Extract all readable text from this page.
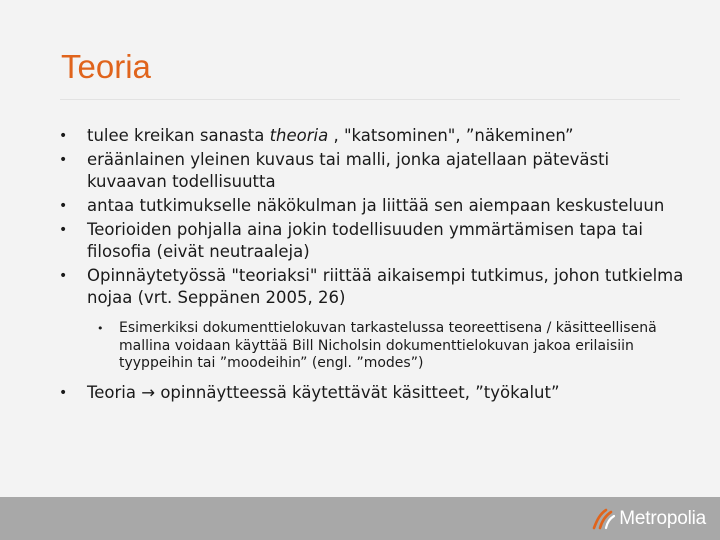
Teoria
• tulee kreikan sanasta theoria , "katsominen", ”näkeminen”
• eräänlainen yleinen kuvaus tai malli, jonka ajatellaan pätevästi kuvaavan todellisuutta
• antaa tutkimukselle näkökulman ja liittää sen aiempaan keskusteluun
• Teorioiden pohjalla aina jokin todellisuuden ymmärtämisen tapa tai filosofia (eivät neutraaleja)
• Opinnäytetyössä "teoriaksi" riittää aikaisempi tutkimus, johon tutkielma nojaa (vrt. Seppänen 2005, 26)
• Esimerkiksi dokumenttielokuvan tarkastelussa teoreettisena / käsitteellisenä mallina voidaan käyttää Bill Nicholsin dokumenttielokuvan jakoa erilaisiin tyyppeihin tai ”moodeihin” (engl. ”modes”)
• Teoria → opinnäytteessä käytettävät käsitteet, ”työkalut”
Metropolia
